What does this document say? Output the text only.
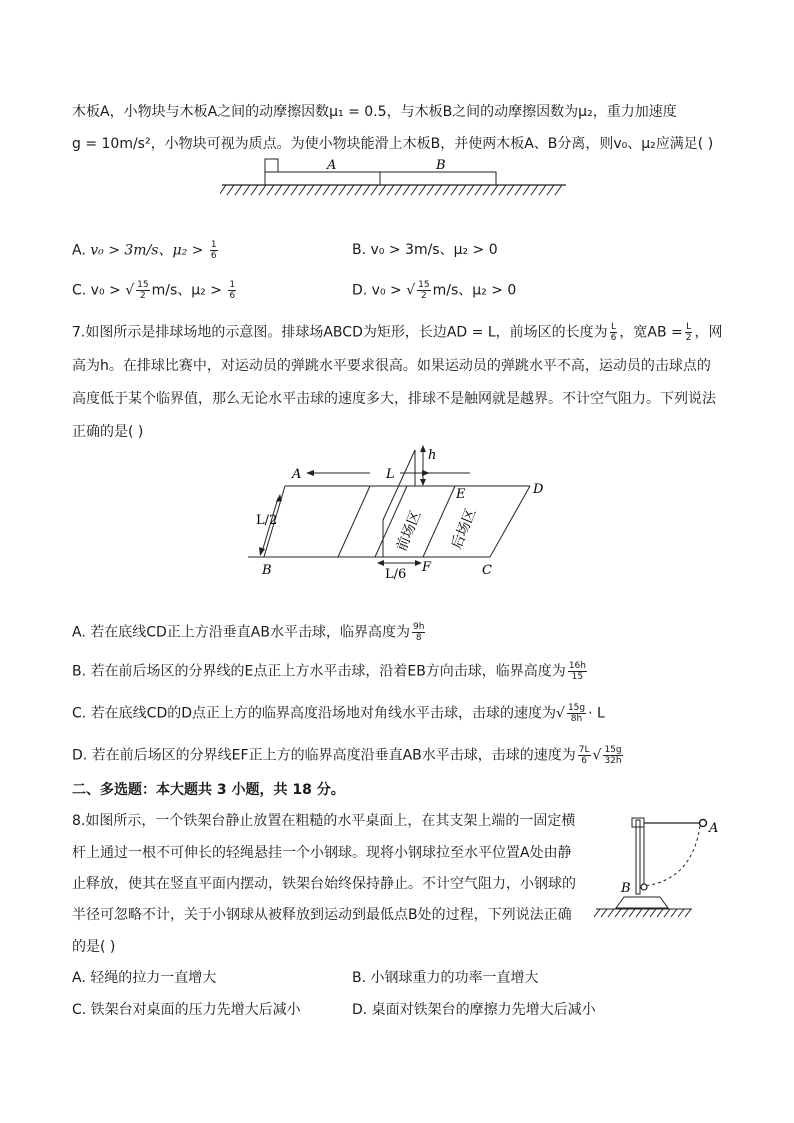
木板A，小物块与木板A之间的动摩擦因数μ₁ = 0.5，与木板B之间的动摩擦因数为μ₂，重力加速度
g = 10m/s²，小物块可视为质点。为使小物块能滑上木板B，并使两木板A、B分离，则v₀、μ₂应满足( )
A	B
A. v₀ > 3m/s、$\mu_2 > \frac{1}{6}$	B. v₀ > 3m/s、μ₂ > 0
C. v₀ > √ $\frac{15}{2} m/s$、$\mu_2 > \frac{1}{6}$	D. v₀ > √ $\frac{15}{2} m/s$、μ₂ > 0
7.如图所示是排球场地的示意图。排球场ABCD为矩形，长边AD = L，前场区的长度为 $\frac{L}{6}$ ，宽AB = $\frac{L}{2}$ ，网
高为h。在排球比赛中，对运动员的弹跳水平要求很高。如果运动员的弹跳水平不高，运动员的击球点的
高度低于某个临界值，那么无论水平击球的速度多大，排球不是触网就是越界。不计空气阻力。下列说法
正确的是( )
A
B	C
D
E
F
L
h
L/2
L/6
前场区 后场区
A. 若在底线CD正上方沿垂直AB水平击球，临界高度为 $\frac{9h}{8}$
B. 若在前后场区的分界线的E点正上方水平击球，沿着EB方向击球，临界高度为 $\frac{16h}{15}$
C. 若在底线CD的D点正上方的临界高度沿场地对角线水平击球，击球的速度为√ $\frac{15g}{8h} \cdot L$
D. 若在前后场区的分界线EF正上方的临界高度沿垂直AB水平击球，击球的速度为 $\frac{7L}{6}$ √ $\frac{15g}{32h}$
二、多选题：本大题共 3 小题，共 18 分。
8.如图所示，一个铁架台静止放置在粗糙的水平桌面上，在其支架上端的一固定横
杆上通过一根不可伸长的轻绳悬挂一个小钢球。现将小钢球拉至水平位置A处由静
止释放，使其在竖直平面内摆动，铁架台始终保持静止。不计空气阻力，小钢球的
半径可忽略不计，关于小钢球从被释放到运动到最低点B处的过程，下列说法正确
的是( )
A
B
A. 轻绳的拉力一直增大	B. 小钢球重力的功率一直增大
C. 铁架台对桌面的压力先增大后减小	D. 桌面对铁架台的摩擦力先增大后减小
